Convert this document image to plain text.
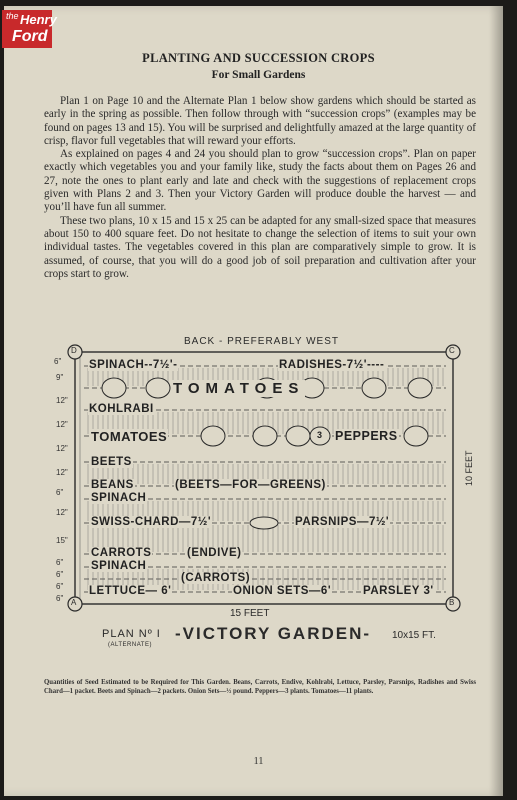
the Henry
Ford
PLANTING AND SUCCESSION CROPS
For Small Gardens

Plan 1 on Page 10 and the Alternate Plan 1 below show gardens which should be started as early in the spring as possible. Then follow through with “succession crops” (examples may be found on pages 13 and 15). You will be surprised and delightfully amazed at the large quantity of crisp, flavor full vegetables that will reward your efforts.

As explained on pages 4 and 24 you should plan to grow “succession crops”. Plan on paper exactly which vegetables you and your family like, study the facts about them on Pages 26 and 27, note the ones to plant early and late and check with the suggestions of replacement crops given with Plans 2 and 3. Then your Victory Garden will produce double the harvest — and you’ll have fun all summer.

These two plans, 10 x 15 and 15 x 25 can be adapted for any small-sized space that measures about 150 to 400 square feet. Do not hesitate to change the selection of items to suit your own individual tastes. The vegetables covered in this plan are comparatively simple to grow. It is assumed, of course, that you will do a good job of soil preparation and cultivation after your crops start to grow.

BACK - PREFERABLY WEST
15 FEET
10 FEET
D	C
A	B
6"
9"
12"
12"
12"
12"
6"
12"
15"
6"
6"
6"
6"
SPINACH--7½'-	RADISHES-7½'----
TOMATOES
KOHLRABI
TOMATOES	3 PEPPERS
BEETS
BEANS	(BEETS—FOR—GREENS)
SPINACH
SWISS-CHARD—7½'	PARSNIPS—7½'
CARROTS	(ENDIVE)
SPINACH
(CARROTS)
LETTUCE— 6'	ONION SETS—6'	PARSLEY 3'
PLAN Nº I
(ALTERNATE)
-VICTORY GARDEN- 10x15 FT.
Quantities of Seed Estimated to be Required for This Garden. Beans, Carrots, Endive, Kohlrabi, Lettuce, Parsley, Parsnips, Radishes and Swiss Chard—1 packet. Beets and Spinach—2 packets. Onion Sets—½ pound. Peppers—3 plants. Tomatoes—11 plants.
11
